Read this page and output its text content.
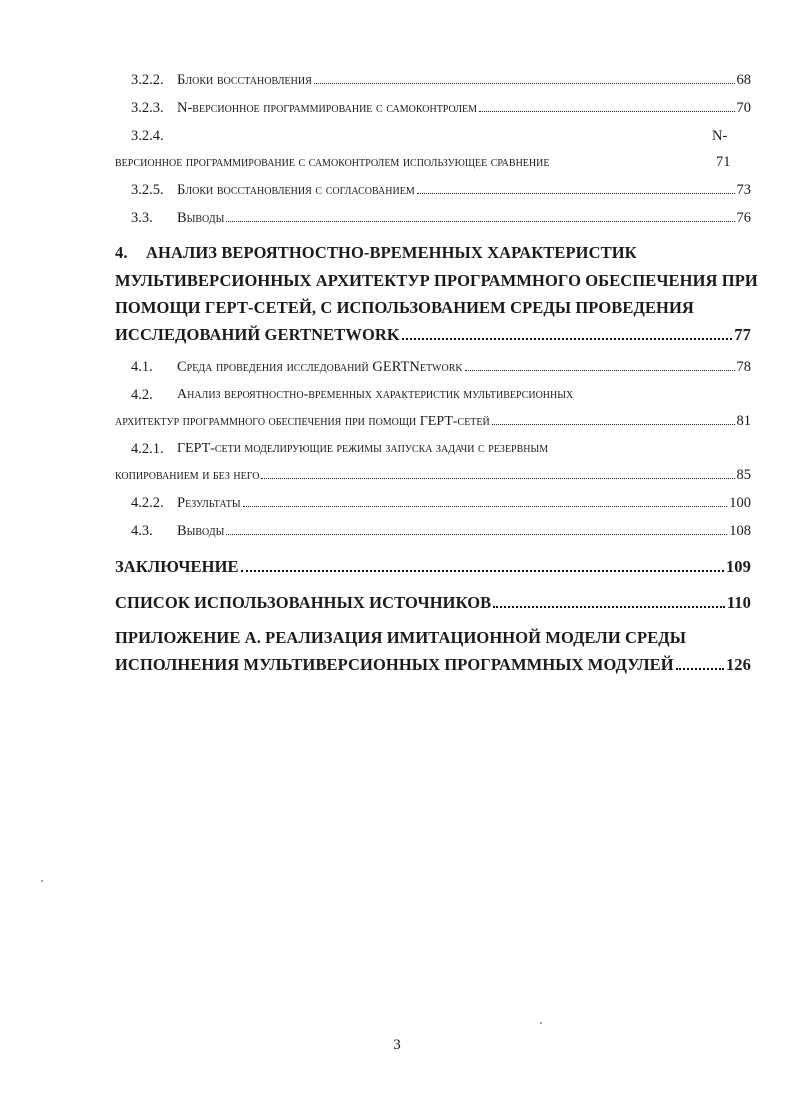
3.2.2. Блоки восстановления	68
3.2.3. N-версионное программирование с самоконтролем	70
3.2.4.	N-
версионное программирование с самоконтролем использующее сравнение	71
3.2.5. Блоки восстановления с согласованием	73
3.3.	Выводы	76
4. АНАЛИЗ ВЕРОЯТНОСТНО-ВРЕМЕННЫХ ХАРАКТЕРИСТИК
МУЛЬТИВЕРСИОННЫХ АРХИТЕКТУР ПРОГРАММНОГО ОБЕСПЕЧЕНИЯ ПРИ
ПОМОЩИ ГЕРТ-СЕТЕЙ, С ИСПОЛЬЗОВАНИЕМ СРЕДЫ ПРОВЕДЕНИЯ
ИССЛЕДОВАНИЙ GERTNETWORK	77
4.1.	Среда проведения исследований GERTNetwork	78
4.2. Анализ вероятностно-временных характеристик мультиверсионных
архитектур программного обеспечения при помощи ГЕРТ-сетей	81
4.2.1. ГЕРТ-сети моделирующие режимы запуска задачи с резервным
копированием и без него	85
4.2.2. Результаты	100
4.3.	Выводы	108
ЗАКЛЮЧЕНИЕ	109
СПИСОК ИСПОЛЬЗОВАННЫХ ИСТОЧНИКОВ	110
ПРИЛОЖЕНИЕ А. РЕАЛИЗАЦИЯ ИМИТАЦИОННОЙ МОДЕЛИ СРЕДЫ
ИСПОЛНЕНИЯ МУЛЬТИВЕРСИОННЫХ ПРОГРАММНЫХ МОДУЛЕЙ	126
3
